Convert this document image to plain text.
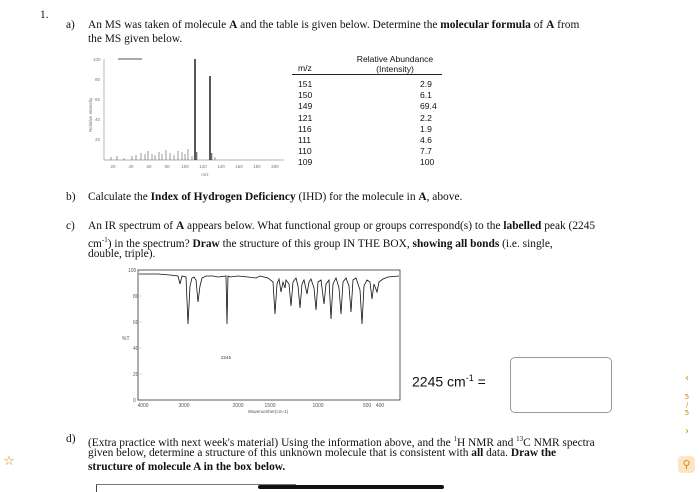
1.
a) An MS was taken of molecule A and the table is given below. Determine the molecular formula of A from
the MS given below.
100
80
60
40
20
Relative Intensity
20	40	60	80	100 120 140 160 180 200
m/z
m/z	Relative Abundance
(Intensity)

151	2.9
150	6.1
149	69.4
121	2.2
116	1.9
111	4.6
110	7.7
109	100
b) Calculate the Index of Hydrogen Deficiency (IHD) for the molecule in A, above.
c) An IR spectrum of A appears below. What functional group or groups correspond(s) to the labelled peak (2245
$cm^{-1}$) in the spectrum? Draw the structure of this group IN THE BOX, showing all bonds (i.e. single,
double, triple).
100
80
60
40
20
0
%T
2245
4000	3000	2000	1500	1000	500 400
Wavenumber(cm-1)
2245 $cm^{-1}$ =
d) (Extra practice with next week's material) Using the information above, and the $^1$H NMR and $^{13}$C NMR spectra
given below, determine a structure of this unknown molecule that is consistent with all data. Draw the
structure of molecule A in the box below.
☆
‹
5
/
5
›
⚲
